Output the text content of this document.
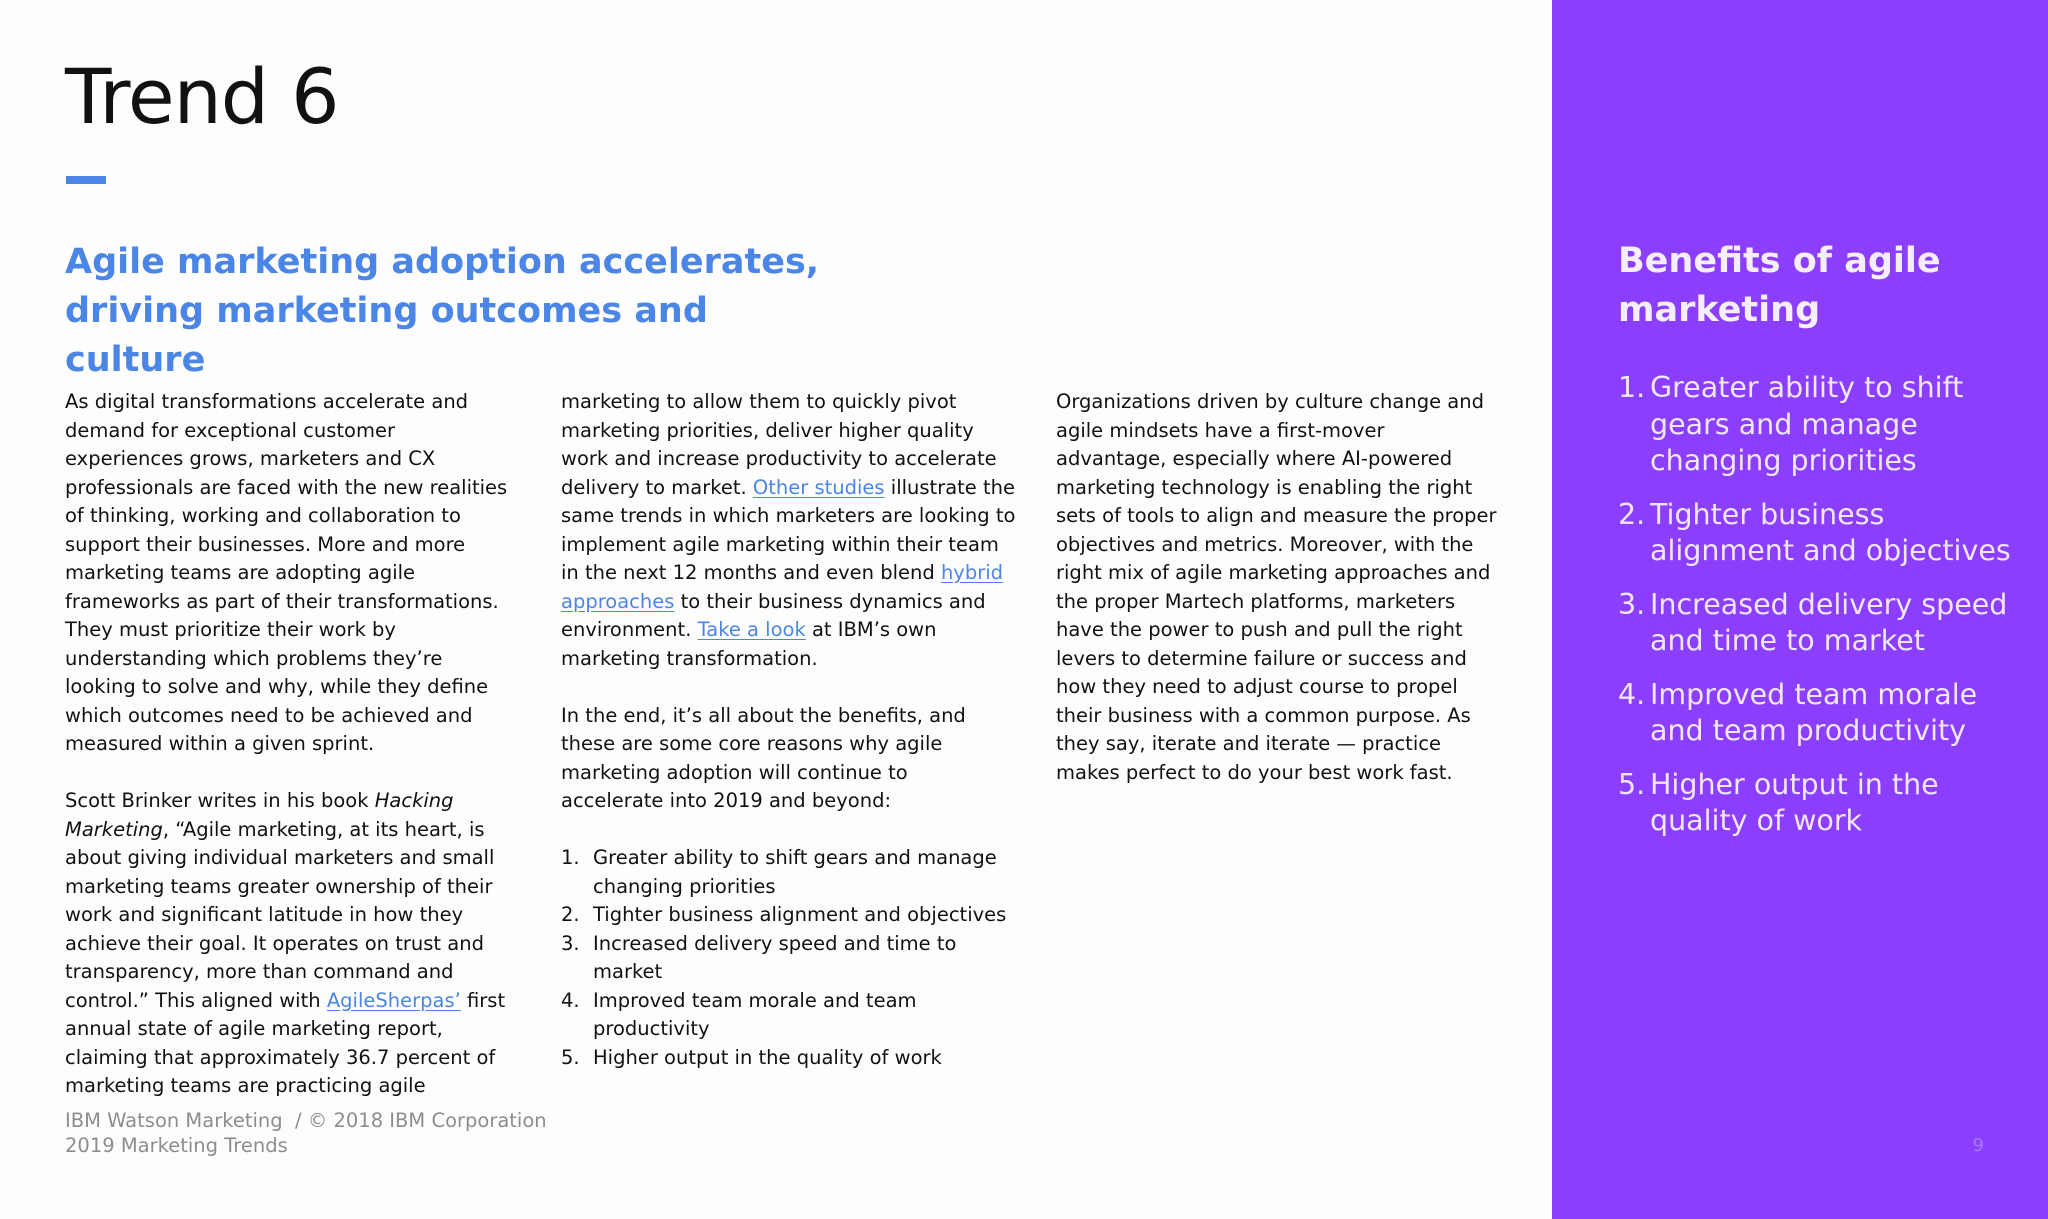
Trend 6
Agile marketing adoption accelerates,
driving marketing outcomes and culture

As digital transformations accelerate and demand for exceptional customer experiences grows, marketers and CX professionals are faced with the new realities of thinking, working and collaboration to support their businesses. More and more marketing teams are adopting agile frameworks as part of their transformations. They must prioritize their work by understanding which problems they’re looking to solve and why, while they define which outcomes need to be achieved and measured within a given sprint.

Scott Brinker writes in his book Hacking Marketing, “Agile marketing, at its heart, is about giving individual marketers and small marketing teams greater ownership of their work and significant latitude in how they achieve their goal. It operates on trust and transparency, more than command and control.” This aligned with AgileSherpas’ first annual state of agile marketing report, claiming that approximately 36.7 percent of marketing teams are practicing agile

marketing to allow them to quickly pivot marketing priorities, deliver higher quality work and increase productivity to accelerate delivery to market. Other studies illustrate the same trends in which marketers are looking to implement agile marketing within their team in the next 12 months and even blend hybrid approaches to their business dynamics and environment. Take a look at IBM’s own marketing transformation.

In the end, it’s all about the benefits, and these are some core reasons why agile marketing adoption will continue to accelerate into 2019 and beyond:

1. Greater ability to shift gears and manage changing priorities
2. Tighter business alignment and objectives
3. Increased delivery speed and time to market
4. Improved team morale and team productivity
5. Higher output in the quality of work

Organizations driven by culture change and agile mindsets have a first-mover advantage, especially where AI-powered marketing technology is enabling the right sets of tools to align and measure the proper objectives and metrics. Moreover, with the right mix of agile marketing approaches and the proper Martech platforms, marketers have the power to push and pull the right levers to determine failure or success and how they need to adjust course to propel their business with a common purpose. As they say, iterate and iterate — practice makes perfect to do your best work fast.

IBM Watson Marketing  / © 2018 IBM Corporation
2019 Marketing Trends
Benefits of agile marketing
1. Greater ability to shift gears and manage changing priorities
2. Tighter business alignment and objectives
3. Increased delivery speed and time to market
4. Improved team morale and team productivity
5. Higher output in the quality of work
9
